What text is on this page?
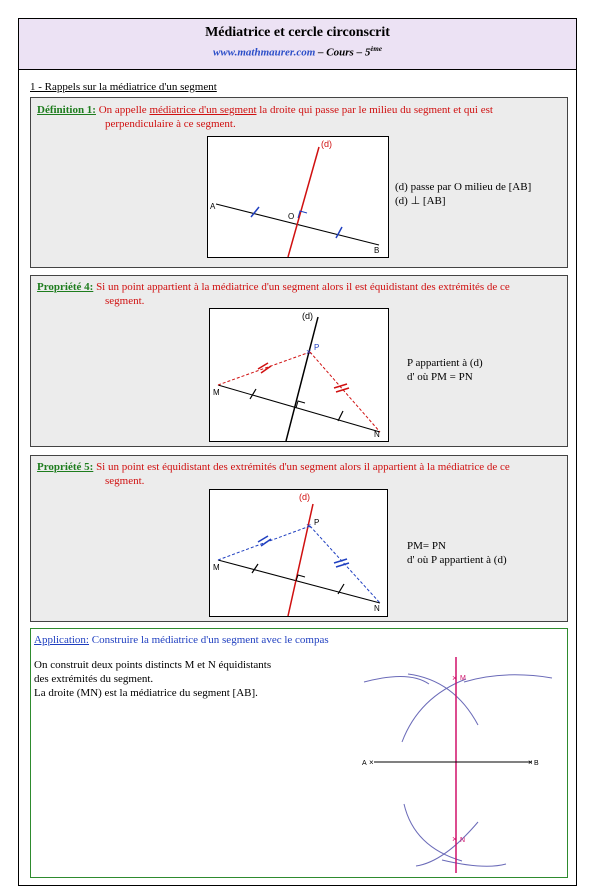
Médiatrice et cercle circonscrit
www.mathmaurer.com – Cours – 5ème
1 - Rappels sur la médiatrice d'un segment
Définition 1: On appelle médiatrice d'un segment la droite qui passe par le milieu du segment et qui est
perpendiculaire à ce segment.
(d)
A
B
O
(d) passe par O milieu de [AB]
(d) ⊥ [AB]
Propriété 4: Si un point appartient à la médiatrice d'un segment alors il est équidistant des extrémités de ce
segment.
×
(d)
P
M
N
P appartient à (d)
d' où PM = PN
Propriété 5: Si un point est équidistant des extrémités d'un segment alors il appartient à la médiatrice de ce
segment.
×
(d)
P
M
N
PM= PN
d' où P appartient à (d)
Application: Construire la médiatrice d'un segment avec le compas
On construit deux points distincts M et N équidistants
des extrémités du segment.
La droite (MN) est la médiatrice du segment [AB].
×	×
×
×
A	B
M
N
